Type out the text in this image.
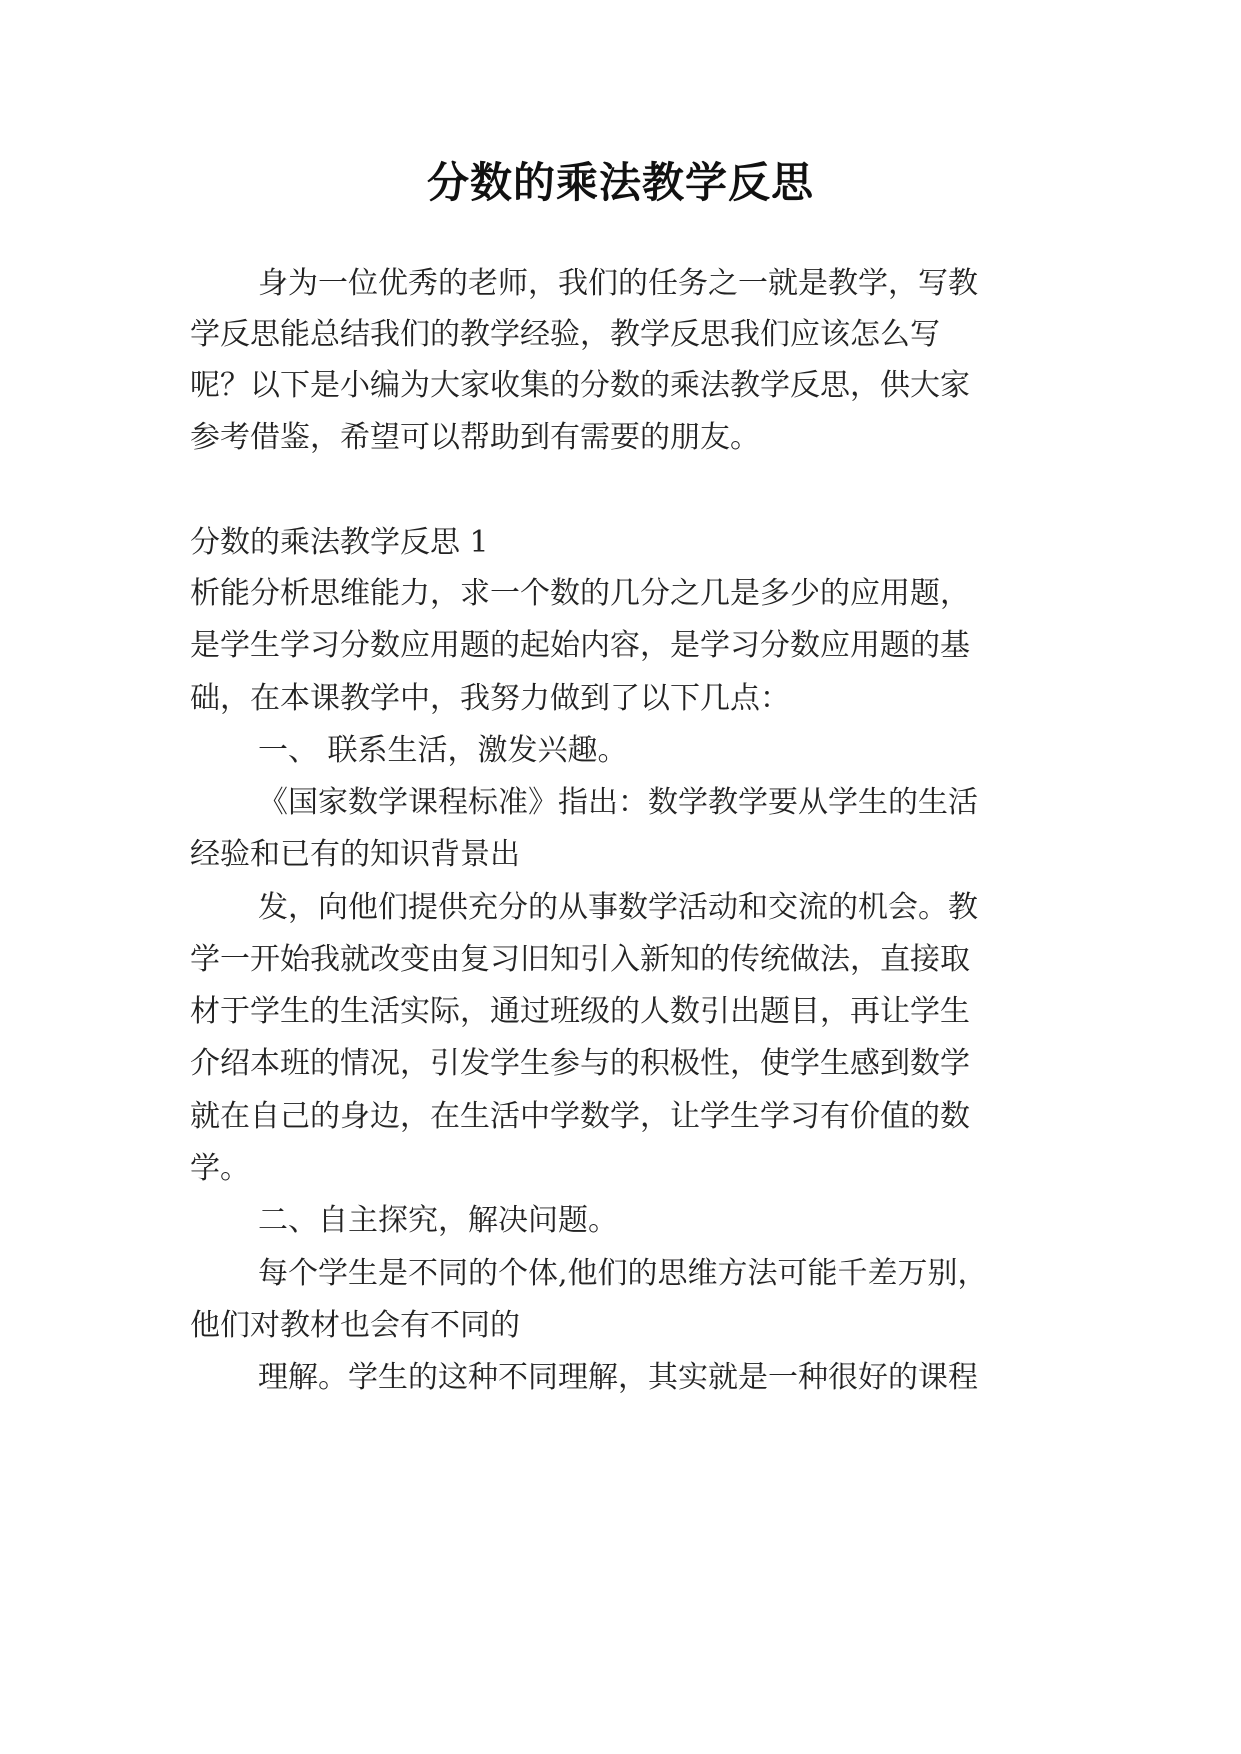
分数的乘法教学反思
身为一位优秀的老师，我们的任务之一就是教学，写教
学反思能总结我们的教学经验，教学反思我们应该怎么写
呢？以下是小编为大家收集的分数的乘法教学反思，供大家
参考借鉴，希望可以帮助到有需要的朋友。
分数的乘法教学反思 1
析能分析思维能力，求一个数的几分之几是多少的应用题，
是学生学习分数应用题的起始内容，是学习分数应用题的基
础，在本课教学中，我努力做到了以下几点：
一、 联系生活，激发兴趣。
《国家数学课程标准》指出：数学教学要从学生的生活
经验和已有的知识背景出
发，向他们提供充分的从事数学活动和交流的机会。教
学一开始我就改变由复习旧知引入新知的传统做法，直接取
材于学生的生活实际，通过班级的人数引出题目，再让学生
介绍本班的情况，引发学生参与的积极性，使学生感到数学
就在自己的身边，在生活中学数学，让学生学习有价值的数
学。
二、自主探究，解决问题。
每个学生是不同的个体,他们的思维方法可能千差万别，
他们对教材也会有不同的
理解。学生的这种不同理解，其实就是一种很好的课程
